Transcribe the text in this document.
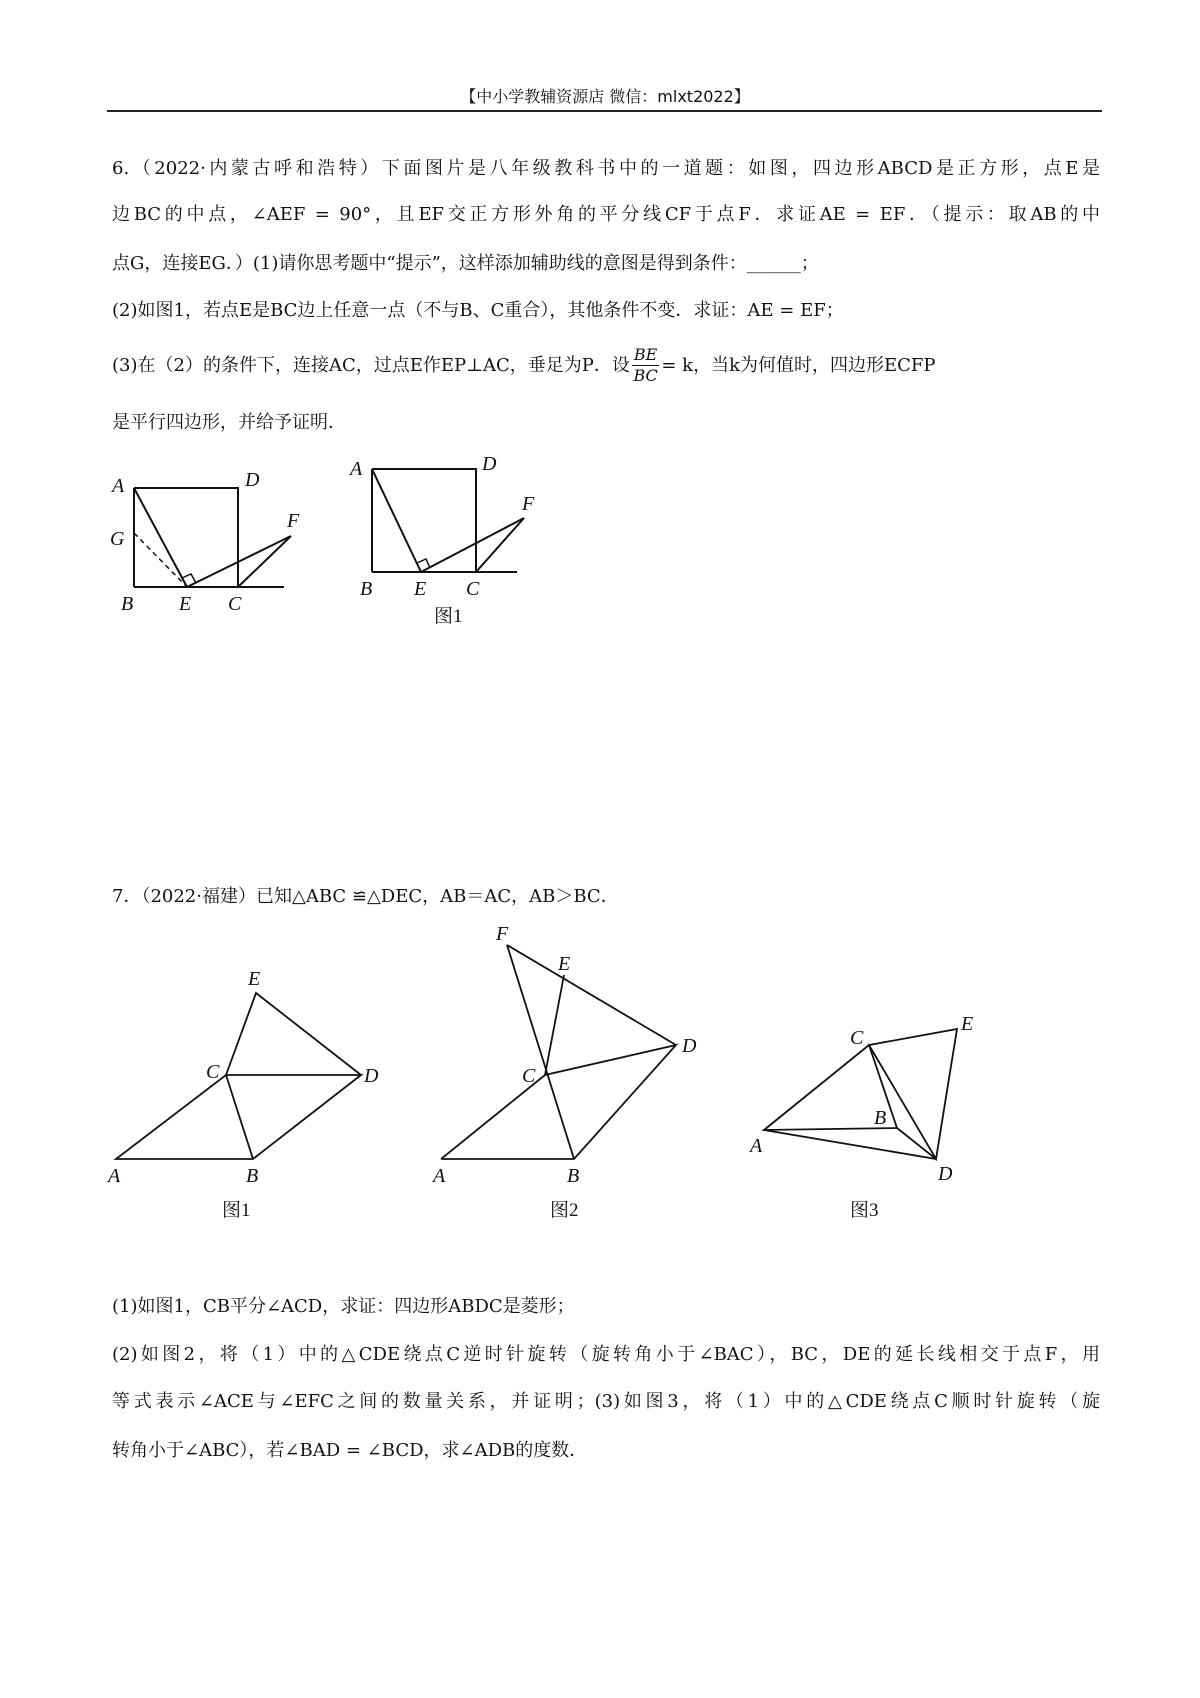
【中小学教辅资源店 微信：mlxt2022】
6.（2022·内蒙古呼和浩特）下面图片是八年级教科书中的一道题：如图，四边形ABCD是正方形，点E是
边BC的中点，∠AEF = 90°，且EF交正方形外角的平分线CF于点F．求证AE = EF．（提示：取AB的中
点G，连接EG．）(1)请你思考题中“提示”，这样添加辅助线的意图是得到条件：______；
(2)如图1，若点E是BC边上任意一点（不与B、C重合），其他条件不变．求证：AE = EF；
(3)在（2）的条件下，连接AC，过点E作EP⊥AC，垂足为P．设 $\frac{BE}{BC} = k$，当k为何值时，四边形ECFP
是平行四边形，并给予证明．
A	D
G
F
B E C
A	D
F
B E C
图1
E
C	D
A	B
图1
F
E
D
C
A	B
图2
C
E
B
A
D
图3
7．（2022·福建）已知△ABC ≌△DEC，AB＝AC，AB＞BC．
(1)如图1，CB平分∠ACD，求证：四边形ABDC是菱形；
(2)如图2，将（1）中的△CDE绕点C逆时针旋转（旋转角小于∠BAC），BC，DE的延长线相交于点F，用
等式表示∠ACE与∠EFC之间的数量关系，并证明；(3)如图3，将（1）中的△CDE绕点C顺时针旋转（旋
转角小于∠ABC），若∠BAD = ∠BCD，求∠ADB的度数．
